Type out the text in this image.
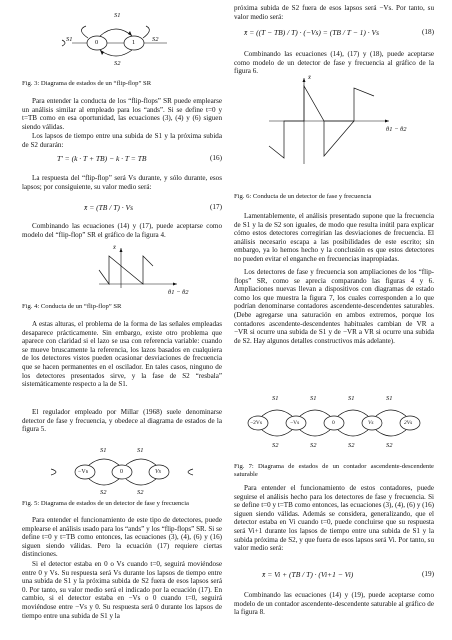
S1
S1	S2
S2
0	1
Fig. 3: Diagrama de estados de un “flip-flop” SR
Para entender la conducta de los “flip-flops” SR puede emplearse un análisis similar al empleado para los “ands”. Si se define t=0 y t=TB como en esa oportunidad, las ecuaciones (3), (4) y (6) siguen siendo válidas.
Los lapsos de tiempo entre una subida de S1 y la próxima subida de S2 durarán:
T' = (k · T + TB) − k · T = TB	(16)
La respuesta del “flip-flop” será Vs durante, y sólo durante, esos lapsos; por consiguiente, su valor medio será:
x̄ = (TB / T) · Vs	(17)
Combinando las ecuaciones (14) y (17), puede aceptarse como modelo del “flip-flop” SR el gráfico de la figura 4.
x̄
θ1 − θ2
Fig. 4: Conducta de un “flip-flop” SR
A estas alturas, el problema de la forma de las señales empleadas desaparece prácticamente. Sin embargo, existe otro problema que aparece con claridad si el lazo se usa con referencia variable: cuando se mueve bruscamente la referencia, los lazos basados en cualquiera de los detectores vistos pueden ocasionar desviaciones de frecuencia que se hacen permanentes en el oscilador. En tales casos, ninguno de los detectores presentados sirve, y la fase de S2 “resbala” sistemáticamente respecto a la de S1.
El regulador empleado por Millar (1968) suele denominarse detector de fase y frecuencia, y obedece al diagrama de estados de la figura 5.
S1	S1
S2	S2
−Vs	0	Vs
Fig. 5: Diagrama de estados de un detector de fase y frecuencia
Para entender el funcionamiento de este tipo de detectores, puede emplearse el análisis usado para los “ands” y los “flip-flops” SR. Si se define t=0 y t=TB como entonces, las ecuaciones (3), (4), (6) y (16) siguen siendo válidas. Pero la ecuación (17) requiere ciertas distinciones.
Si el detector estaba en 0 o Vs cuando t=0, seguirá moviéndose entre 0 y Vs. Su respuesta será Vs durante los lapsos de tiempo entre una subida de S1 y la próxima subida de S2 fuera de esos lapsos será 0. Por tanto, su valor medio será el indicado por la ecuación (17). En cambio, si el detector estaba en −Vs o 0 cuando t=0, seguirá moviéndose entre −Vs y 0. Su respuesta será 0 durante los lapsos de tiempo entre una subida de S1 y la
próxima subida de S2 fuera de esos lapsos será −Vs. Por tanto, su valor medio será:
x̄ = ((T − TB) / T) · (−Vs) = (TB / T − 1) · Vs	(18)
Combinando las ecuaciones (14), (17) y (18), puede aceptarse como modelo de un detector de fase y frecuencia al gráfico de la figura 6.
x̄
θ1 − θ2
Fig. 6: Conducta de un detector de fase y frecuencia
Lamentablemente, el análisis presentado supone que la frecuencia de S1 y la de S2 son iguales, de modo que resulta inútil para explicar cómo estos detectores corregirían las desviaciones de frecuencia. El análisis necesario escapa a las posibilidades de este escrito; sin embargo, ya lo hemos hecho y la conclusión es que estos detectores no pueden evitar el enganche en frecuencias inapropiadas.
Los detectores de fase y frecuencia son ampliaciones de los “flip-flops” SR, como se aprecia comparando las figuras 4 y 6. Ampliaciones nuevas llevan a dispositivos con diagramas de estado como los que muestra la figura 7, los cuales corresponden a lo que podrían denominarse contadores ascendente-descendentes saturables. (Debe agregarse una saturación en ambos extremos, porque los contadores ascendente-descendentes habituales cambian de VR a −VR si ocurre una subida de S1 y de −VR a VR si ocurre una subida de S2. Hay algunos detalles constructivos más adelante).
S1	S1	S1	S1
S2	S2	S2	S2
−2Vs	−Vs	0	Vs	2Vs
Fig. 7: Diagrama de estados de un contador ascendente-descendente saturable
Para entender el funcionamiento de estos contadores, puede seguirse el análisis hecho para los detectores de fase y frecuencia. Si se define t=0 y t=TB como entonces, las ecuaciones (3), (4), (6) y (16) siguen siendo válidas. Además se considera, generalizando, que el detector estaba en Vi cuando t=0, puede concluirse que su respuesta será Vi+1 durante los lapsos de tiempo entre una subida de S1 y la subida próxima de S2, y que fuera de esos lapsos será Vi. Por tanto, su valor medio será:
x̄ = Vi + (TB / T) · (Vi+1 − Vi)	(19)
Combinando las ecuaciones (14) y (19), puede aceptarse como modelo de un contador ascendente-descendente saturable al gráfico de la figura 8.
